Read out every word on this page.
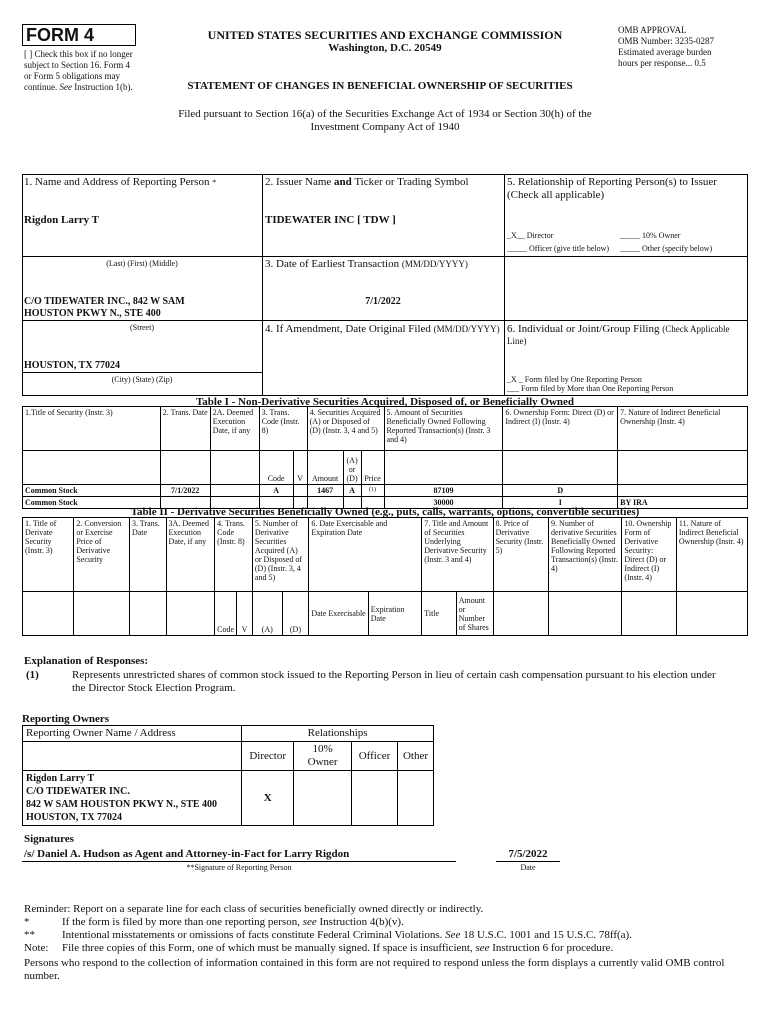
FORM 4
[ ] Check this box if no longer
subject to Section 16. Form 4
or Form 5 obligations may
continue. See Instruction 1(b).
UNITED STATES SECURITIES AND EXCHANGE COMMISSION
Washington, D.C. 20549
STATEMENT OF CHANGES IN BENEFICIAL OWNERSHIP OF SECURITIES
OMB APPROVAL
OMB Number: 3235-0287
Estimated average burden
hours per response... 0.5
Filed pursuant to Section 16(a) of the Securities Exchange Act of 1934 or Section 30(h) of the
Investment Company Act of 1940
1. Name and Address of Reporting Person *
Rigdon Larry T
(Last) (First) (Middle)
C/O TIDEWATER INC., 842 W SAM
HOUSTON PKWY N., STE 400
(Street)
HOUSTON, TX 77024
(City) (State) (Zip)
2. Issuer Name and Ticker or Trading Symbol
TIDEWATER INC [ TDW ]
3. Date of Earliest Transaction (MM/DD/YYYY)
7/1/2022
4. If Amendment, Date Original Filed (MM/DD/YYYY)
5. Relationship of Reporting Person(s) to Issuer
(Check all applicable)
_X__ Director	_____ 10% Owner
_____ Officer (give title below) _____ Other (specify below)
6. Individual or Joint/Group Filing (Check Applicable
Line)
_X _ Form filed by One Reporting Person
___ Form filed by More than One Reporting Person
Table I - Non-Derivative Securities Acquired, Disposed of, or Beneficially Owned
1.Title of Security (Instr. 3)	2. Trans. Date	2A. Deemed Execution Date, if any	3. Trans. Code (Instr. 8)		4. Securities Acquired (A) or Disposed of (D) (Instr. 3, 4 and 5)			5. Amount of Securities Beneficially Owned Following Reported Transaction(s) (Instr. 3 and 4)	6. Ownership Form: Direct (D) or Indirect (I) (Instr. 4)	7. Nature of Indirect Beneficial Ownership (Instr. 4)
			Code	V	Amount	(A) or (D)	Price			
Common Stock	7/1/2022		A		1467	A	(1)	87109	D	
Common Stock								30000	I	BY IRA
Table II - Derivative Securities Beneficially Owned (e.g., puts, calls, warrants, options, convertible securities)
1. Title of Derivate Security (Instr. 3)	2. Conversion or Exercise Price of Derivative Security	3. Trans. Date	3A. Deemed Execution Date, if any	4. Trans. Code (Instr. 8)		5. Number of Derivative Securities Acquired (A) or Disposed of (D) (Instr. 3, 4 and 5)		6. Date Exercisable and Expiration Date		7. Title and Amount of Securities Underlying Derivative Security (Instr. 3 and 4)		8. Price of Derivative Security (Instr. 5)	9. Number of derivative Securities Beneficially Owned Following Reported Transaction(s) (Instr. 4)	10. Ownership Form of Derivative Security: Direct (D) or Indirect (I) (Instr. 4)	11. Nature of Indirect Beneficial Ownership (Instr. 4)
				Code	V	(A)	(D)	Date Exercisable	Expiration Date	Title	Amount or Number of Shares				
Explanation of Responses:
(1)	Represents unrestricted shares of common stock issued to the Reporting Person in lieu of certain cash compensation pursuant to his election under
the Director Stock Election Program.
Reporting Owners
Reporting Owner Name / Address	Relationships			
	Director	10% Owner	Officer	Other

Rigdon Larry T
C/O TIDEWATER INC.
842 W SAM HOUSTON PKWY N., STE 400
HOUSTON, TX 77024	X			
Signatures
/s/ Daniel A. Hudson as Agent and Attorney-in-Fact for Larry Rigdon
**Signature of Reporting Person
7/5/2022
Date
Reminder: Report on a separate line for each class of securities beneficially owned directly or indirectly.
*	If the form is filed by more than one reporting person, see Instruction 4(b)(v).
** Intentional misstatements or omissions of facts constitute Federal Criminal Violations. See 18 U.S.C. 1001 and 15 U.S.C. 78ff(a).
Note: File three copies of this Form, one of which must be manually signed. If space is insufficient, see Instruction 6 for procedure.
Persons who respond to the collection of information contained in this form are not required to respond unless the form displays a currently valid OMB control
number.
